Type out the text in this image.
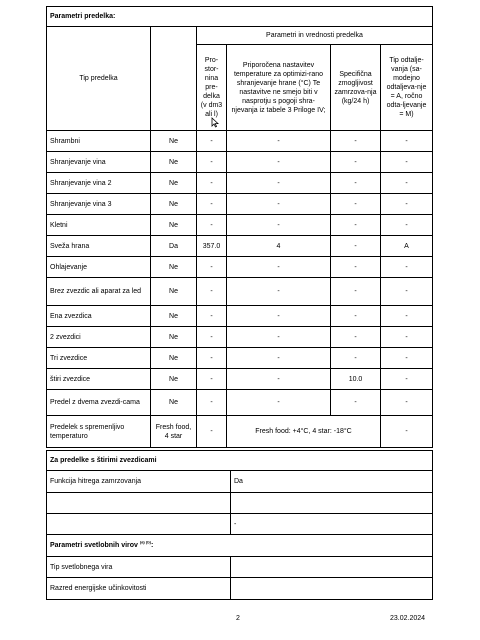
Parametri predelka:					
Tip predelka		Parametri in vrednosti predelka			
		Pro-stor-nina pre-delka (v dm3 ali l)	Priporočena nastavitev temperature za optimizi-rano shranjevanje hrane (°C) Te nastavitve ne smejo biti v nasprotju s pogoji shra-njevanja iz tabele 3 Priloge IV;	Specifična zmogljivost zamrzova-nja (kg/24 h)	Tip odtalje-vanja (sa-modejno odtaljeva-nje = A, ročno odta-ljevanje = M)
Shrambni	Ne	-	-	-	-
Shranjevanje vina	Ne	-	-	-	-
Shranjevanje vina 2	Ne	-	-	-	-
Shranjevanje vina 3	Ne	-	-	-	-
Kletni	Ne	-	-	-	-
Sveža hrana	Da	357.0	4	-	A
Ohlajevanje	Ne	-	-	-	-
Brez zvezdic ali aparat za led	Ne	-	-	-	-
Ena zvezdica	Ne	-	-	-	-
2 zvezdici	Ne	-	-	-	-
Tri zvezdice	Ne	-	-	-	-
štiri zvezdice	Ne	-	-	10.0	-
Predel z dvema zvezdi-cama	Ne	-	-	-	-
Predelek s spremenljivo temperaturo	Fresh food, 4 star	-	Fresh food: +4°C, 4 star: -18°C		-
Za predelke s štirimi zvezdicami	
Funkcija hitrega zamrzovanja	Da

	-
Parametri svetlobnih virov $^{(a) (b)}$:	
Tip svetlobnega vira	
Razred energijske učinkovitosti	
2	23.02.2024
